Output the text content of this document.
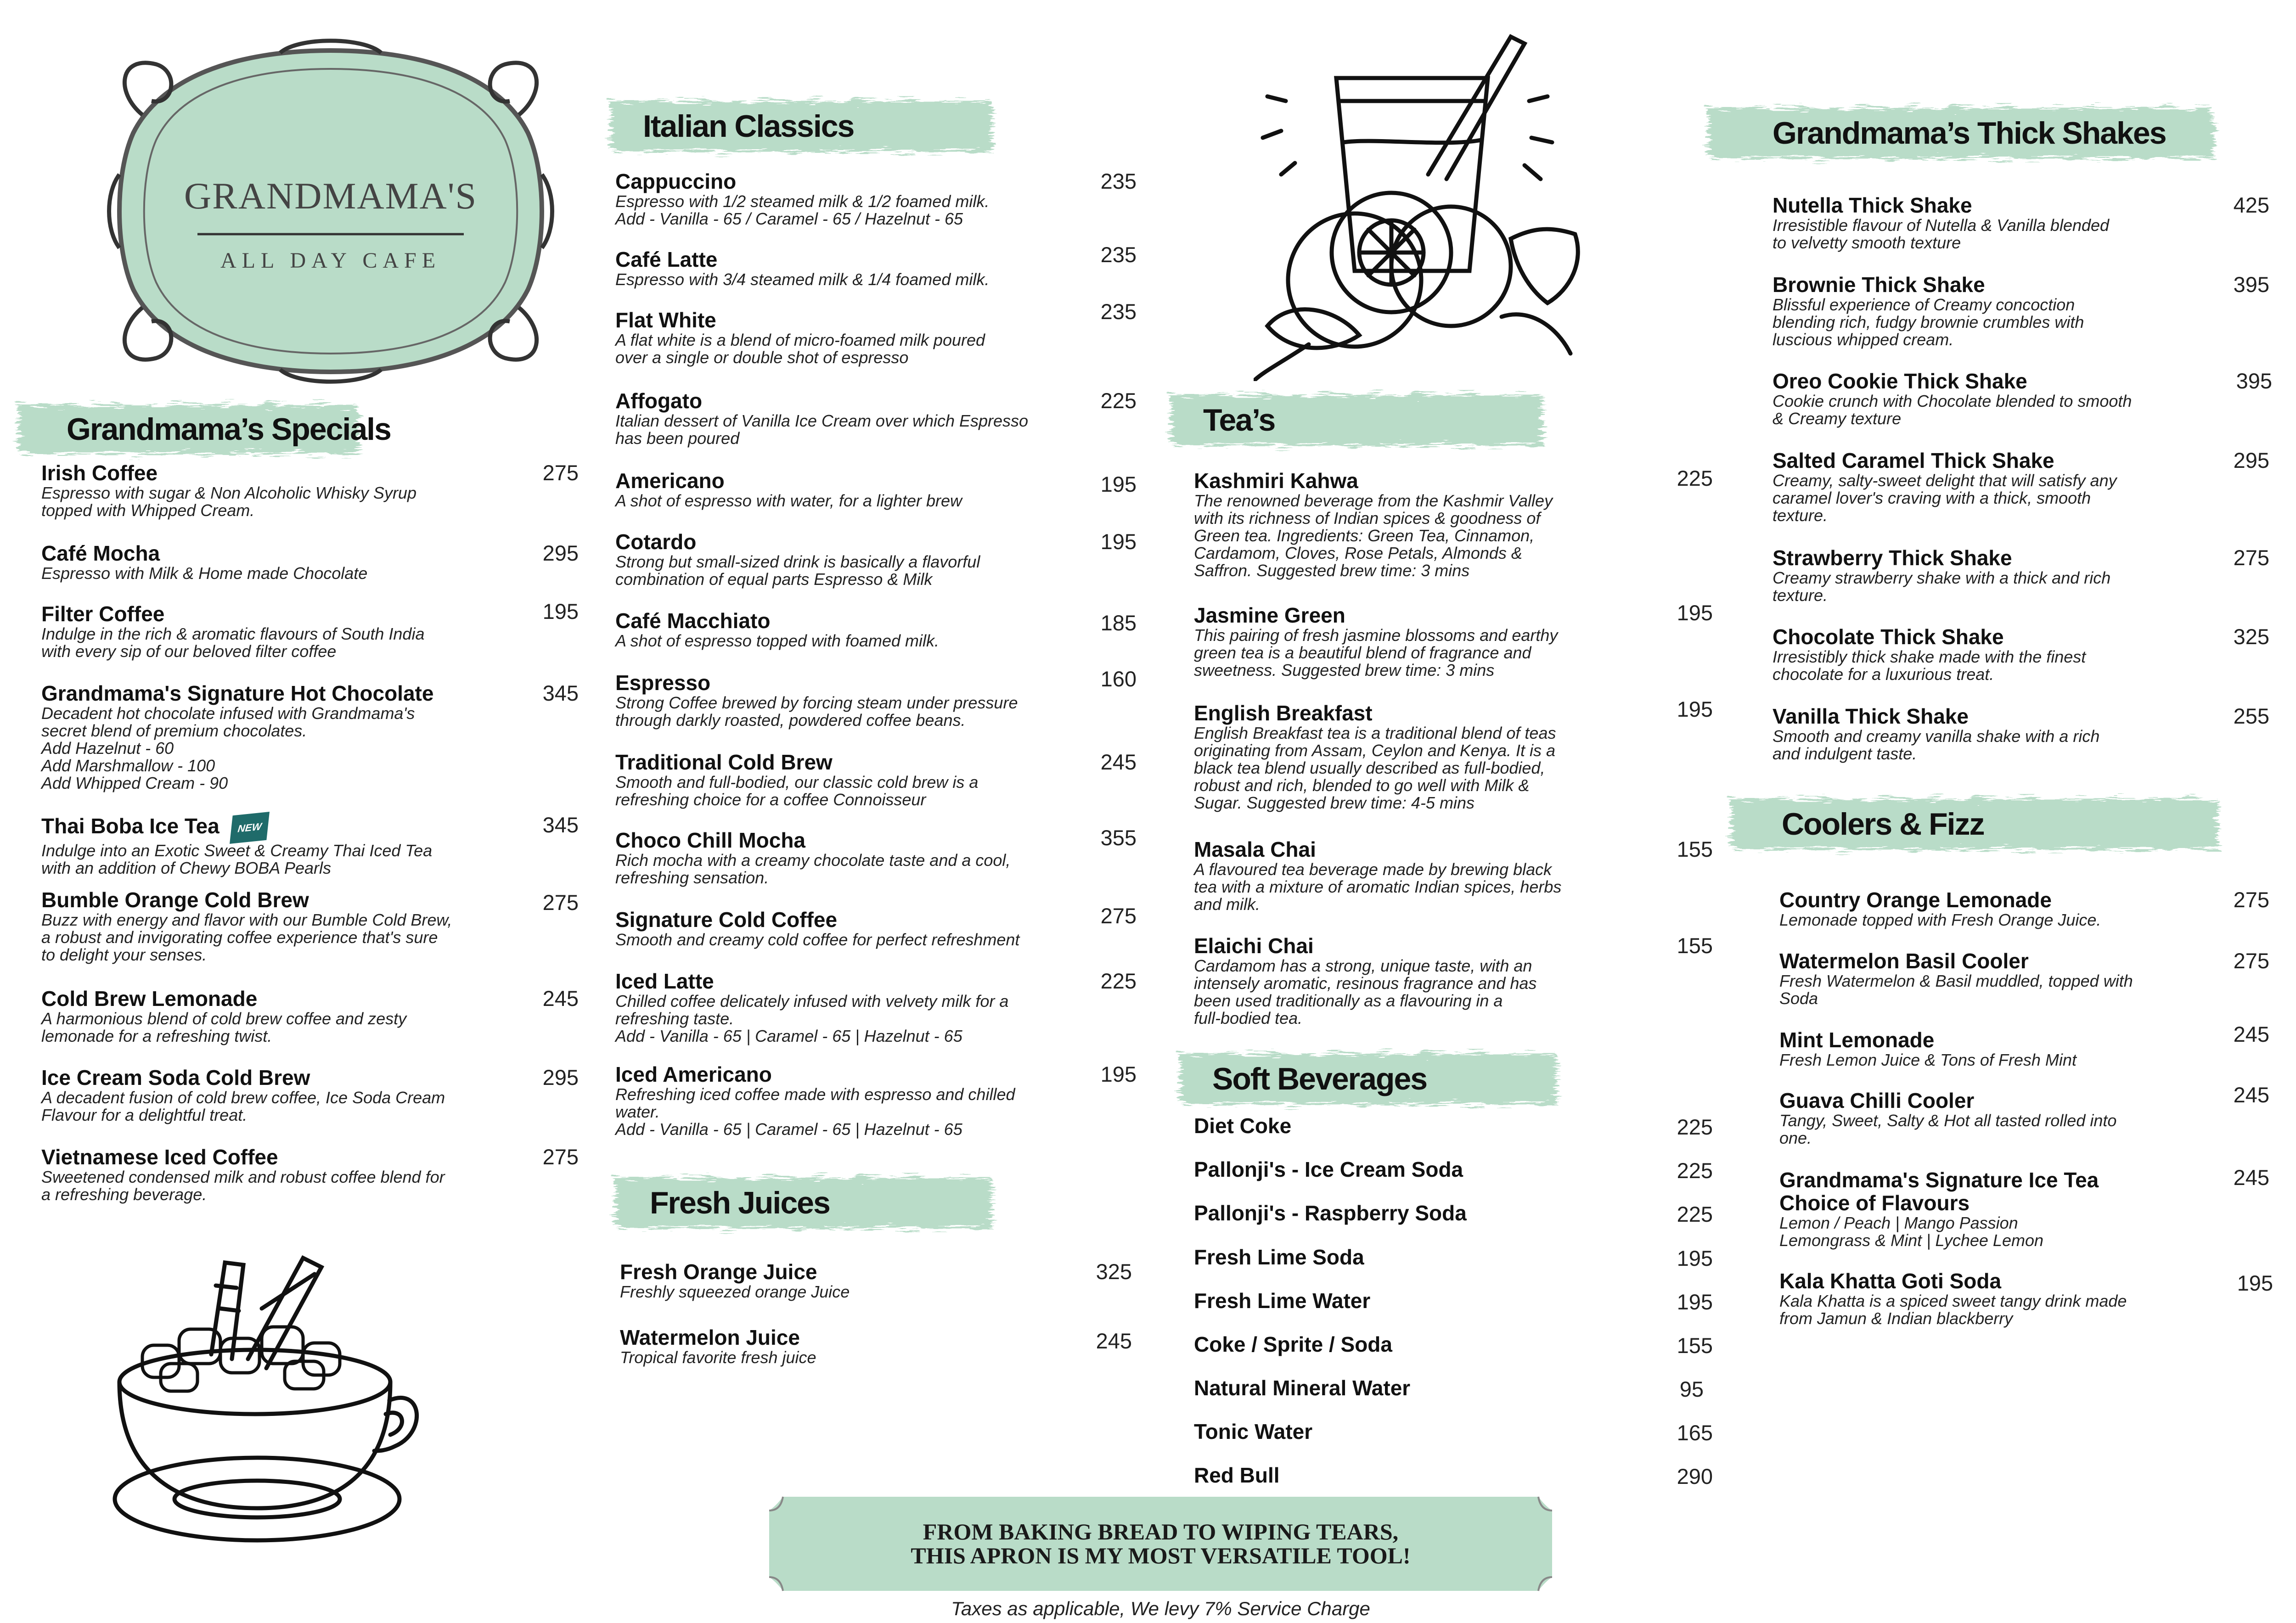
GRANDMAMA'S
ALL DAY CAFE
Grandmama’s Specials
Irish Coffee
Espresso with sugar & Non Alcoholic Whisky Syrup
topped with Whipped Cream.
275
Café Mocha
Espresso with Milk & Home made Chocolate
295
Filter Coffee
Indulge in the rich & aromatic flavours of South India
with every sip of our beloved filter coffee
195
Grandmama's Signature Hot Chocolate
Decadent hot chocolate infused with Grandmama's
secret blend of premium chocolates.
Add Hazelnut - 60
Add Marshmallow - 100
Add Whipped Cream - 90
345
Thai Boba Ice Tea NEW
Indulge into an Exotic Sweet & Creamy Thai Iced Tea
with an addition of Chewy BOBA Pearls
345
Bumble Orange Cold Brew
Buzz with energy and flavor with our Bumble Cold Brew,
a robust and invigorating coffee experience that's sure
to delight your senses.
275
Cold Brew Lemonade
A harmonious blend of cold brew coffee and zesty
lemonade for a refreshing twist.
245
Ice Cream Soda Cold Brew
A decadent fusion of cold brew coffee, Ice Soda Cream
Flavour for a delightful treat.
295
Vietnamese Iced Coffee
Sweetened condensed milk and robust coffee blend for
a refreshing beverage.
275
Italian Classics
Cappuccino
Espresso with 1/2 steamed milk & 1/2 foamed milk.
Add - Vanilla - 65 / Caramel - 65 / Hazelnut - 65
235
Café Latte
Espresso with 3/4 steamed milk & 1/4 foamed milk.
235
Flat White
A flat white is a blend of micro-foamed milk poured
over a single or double shot of espresso
235
Affogato
Italian dessert of Vanilla Ice Cream over which Espresso
has been poured
225
Americano
A shot of espresso with water, for a lighter brew
195
Cotardo
Strong but small-sized drink is basically a flavorful
combination of equal parts Espresso & Milk
195
Café Macchiato
A shot of espresso topped with foamed milk.
185
Espresso
Strong Coffee brewed by forcing steam under pressure
through darkly roasted, powdered coffee beans.
160
Traditional Cold Brew
Smooth and full-bodied, our classic cold brew is a
refreshing choice for a coffee Connoisseur
245
Choco Chill Mocha
Rich mocha with a creamy chocolate taste and a cool,
refreshing sensation.
355
Signature Cold Coffee
Smooth and creamy cold coffee for perfect refreshment
275
Iced Latte
Chilled coffee delicately infused with velvety milk for a
refreshing taste.
Add - Vanilla - 65 | Caramel - 65 | Hazelnut - 65
225
Iced Americano
Refreshing iced coffee made with espresso and chilled
water.
Add - Vanilla - 65 | Caramel - 65 | Hazelnut - 65
195
Fresh Juices
Fresh Orange Juice
Freshly squeezed orange Juice
325
Watermelon Juice
Tropical favorite fresh juice
245
Tea’s
Kashmiri Kahwa
The renowned beverage from the Kashmir Valley
with its richness of Indian spices & goodness of
Green tea. Ingredients: Green Tea, Cinnamon,
Cardamom, Cloves, Rose Petals, Almonds &
Saffron. Suggested brew time: 3 mins
225
Jasmine Green
This pairing of fresh jasmine blossoms and earthy
green tea is a beautiful blend of fragrance and
sweetness. Suggested brew time: 3 mins
195
English Breakfast
English Breakfast tea is a traditional blend of teas
originating from Assam, Ceylon and Kenya. It is a
black tea blend usually described as full-bodied,
robust and rich, blended to go well with Milk &
Sugar. Suggested brew time: 4-5 mins
195
Masala Chai
A flavoured tea beverage made by brewing black
tea with a mixture of aromatic Indian spices, herbs
and milk.
155
Elaichi Chai
Cardamom has a strong, unique taste, with an
intensely aromatic, resinous fragrance and has
been used traditionally as a flavouring in a
full-bodied tea.
155
Soft Beverages
Diet Coke	225
Pallonji's - Ice Cream Soda	225
Pallonji's - Raspberry Soda	225
Fresh Lime Soda	195
Fresh Lime Water	195
Coke / Sprite / Soda	155
Natural Mineral Water	95
Tonic Water	165
Red Bull	290
Grandmama’s Thick Shakes
Nutella Thick Shake
Irresistible flavour of Nutella & Vanilla blended
to velvetty smooth texture
425
Brownie Thick Shake
Blissful experience of Creamy concoction
blending rich, fudgy brownie crumbles with
luscious whipped cream.
395
Oreo Cookie Thick Shake
Cookie crunch with Chocolate blended to smooth
& Creamy texture
395
Salted Caramel Thick Shake
Creamy, salty-sweet delight that will satisfy any
caramel lover's craving with a thick, smooth
texture.
295
Strawberry Thick Shake
Creamy strawberry shake with a thick and rich
texture.
275
Chocolate Thick Shake
Irresistibly thick shake made with the finest
chocolate for a luxurious treat.
325
Vanilla Thick Shake
Smooth and creamy vanilla shake with a rich
and indulgent taste.
255
Coolers & Fizz
Country Orange Lemonade
Lemonade topped with Fresh Orange Juice.
275
Watermelon Basil Cooler
Fresh Watermelon & Basil muddled, topped with
Soda
275
Mint Lemonade
Fresh Lemon Juice & Tons of Fresh Mint
245
Guava Chilli Cooler
Tangy, Sweet, Salty & Hot all tasted rolled into
one.
245
Grandmama's Signature Ice Tea
Choice of Flavours
Lemon / Peach | Mango Passion
Lemongrass & Mint | Lychee Lemon
245
Kala Khatta Goti Soda
Kala Khatta is a spiced sweet tangy drink made
from Jamun & Indian blackberry
195
FROM BAKING BREAD TO WIPING TEARS,
THIS APRON IS MY MOST VERSATILE TOOL!
Taxes as applicable, We levy 7% Service Charge
